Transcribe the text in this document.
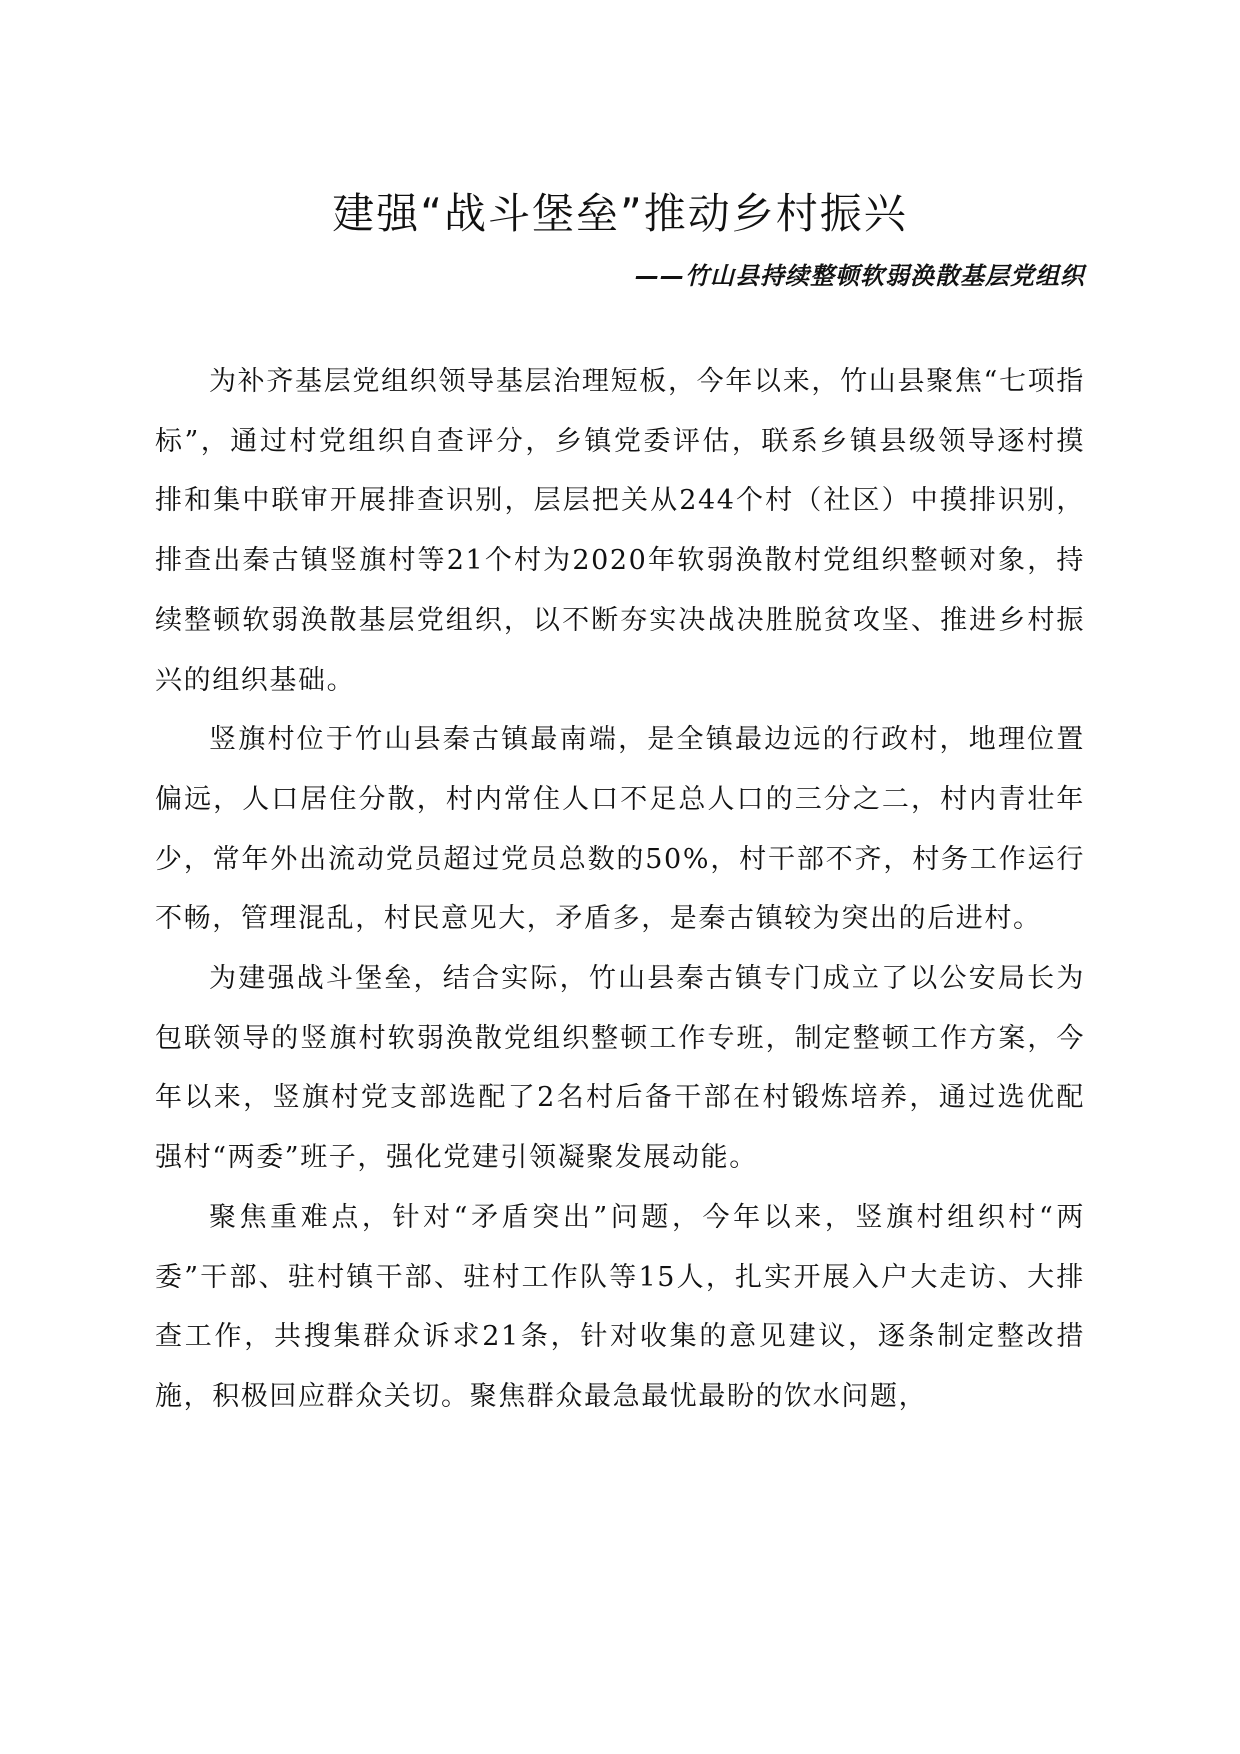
建强“战斗堡垒”推动乡村振兴
——竹山县持续整顿软弱涣散基层党组织

为补齐基层党组织领导基层治理短板，今年以来，竹山县聚焦“七项指标”，通过村党组织自查评分，乡镇党委评估，联系乡镇县级领导逐村摸排和集中联审开展排查识别，层层把关从244个村（社区）中摸排识别，排查出秦古镇竖旗村等21个村为2020年软弱涣散村党组织整顿对象，持续整顿软弱涣散基层党组织，以不断夯实决战决胜脱贫攻坚、推进乡村振兴的组织基础。

竖旗村位于竹山县秦古镇最南端，是全镇最边远的行政村，地理位置偏远，人口居住分散，村内常住人口不足总人口的三分之二，村内青壮年少，常年外出流动党员超过党员总数的50%，村干部不齐，村务工作运行不畅，管理混乱，村民意见大，矛盾多，是秦古镇较为突出的后进村。

为建强战斗堡垒，结合实际，竹山县秦古镇专门成立了以公安局长为包联领导的竖旗村软弱涣散党组织整顿工作专班，制定整顿工作方案，今年以来，竖旗村党支部选配了2名村后备干部在村锻炼培养，通过选优配强村“两委”班子，强化党建引领凝聚发展动能。

聚焦重难点，针对“矛盾突出”问题，今年以来，竖旗村组织村“两委”干部、驻村镇干部、驻村工作队等15人，扎实开展入户大走访、大排查工作，共搜集群众诉求21条，针对收集的意见建议，逐条制定整改措施，积极回应群众关切。聚焦群众最急最忧最盼的饮水问题，
